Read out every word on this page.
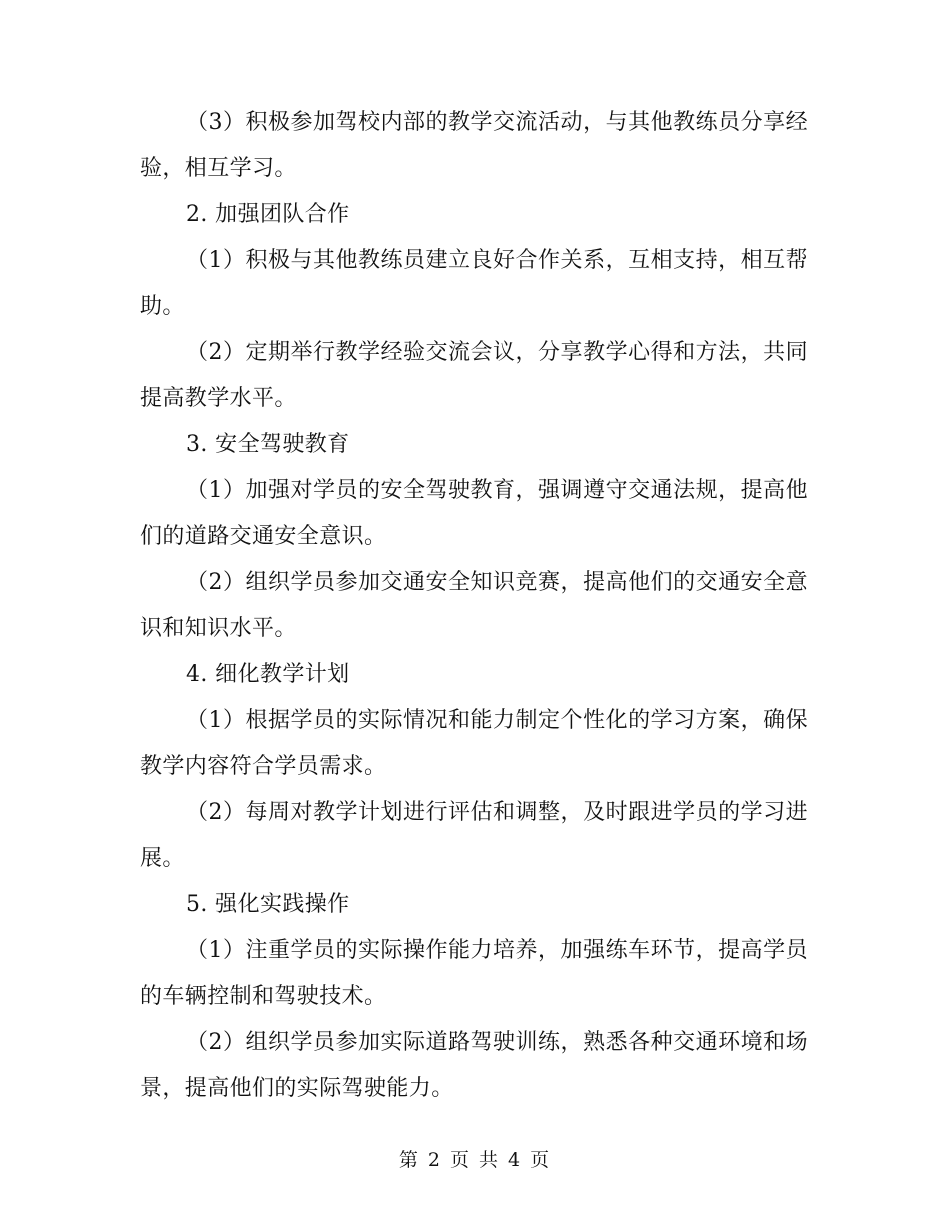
（3）积极参加驾校内部的教学交流活动，与其他教练员分享经验，相互学习。

2. 加强团队合作

（1）积极与其他教练员建立良好合作关系，互相支持，相互帮助。

（2）定期举行教学经验交流会议，分享教学心得和方法，共同提高教学水平。

3. 安全驾驶教育

（1）加强对学员的安全驾驶教育，强调遵守交通法规，提高他们的道路交通安全意识。

（2）组织学员参加交通安全知识竞赛，提高他们的交通安全意识和知识水平。

4. 细化教学计划

（1）根据学员的实际情况和能力制定个性化的学习方案，确保教学内容符合学员需求。

（2）每周对教学计划进行评估和调整，及时跟进学员的学习进展。

5. 强化实践操作

（1）注重学员的实际操作能力培养，加强练车环节，提高学员的车辆控制和驾驶技术。

（2）组织学员参加实际道路驾驶训练，熟悉各种交通环境和场景，提高他们的实际驾驶能力。

第 2 页 共 4 页
